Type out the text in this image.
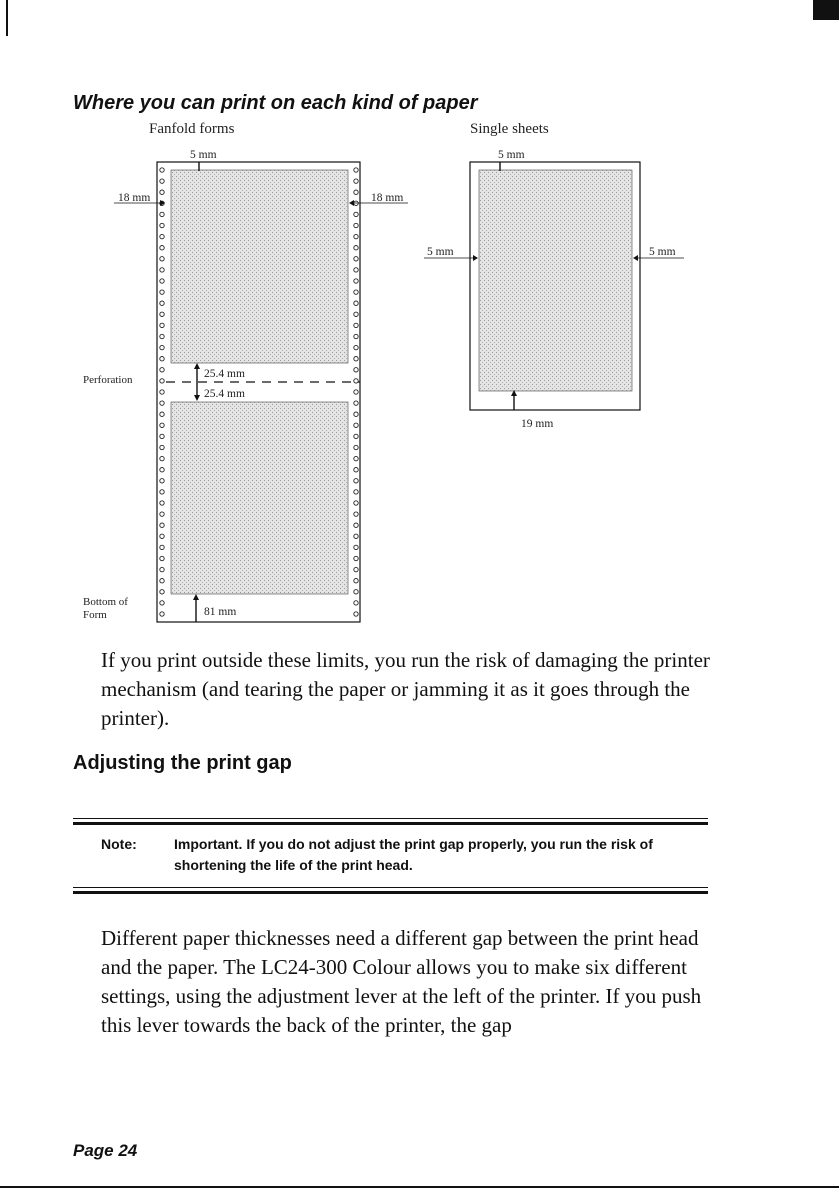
Where you can print on each kind of paper
Fanfold forms	Single sheets
5 mm
18 mm	18 mm
Perforation	25.4 mm
25.4 mm
Bottom of Form	81 mm
5 mm
5 mm	5 mm
19 mm
If you print outside these limits, you run the risk of damaging the printer mechanism (and tearing the paper or jamming it as it goes through the printer).
Adjusting the print gap
Note:	Important. If you do not adjust the print gap properly, you run the risk of shortening the life of the print head.
Different paper thicknesses need a different gap between the print head and the paper. The LC24-300 Colour allows you to make six different settings, using the adjustment lever at the left of the printer. If you push this lever towards the back of the printer, the gap
Page 24
